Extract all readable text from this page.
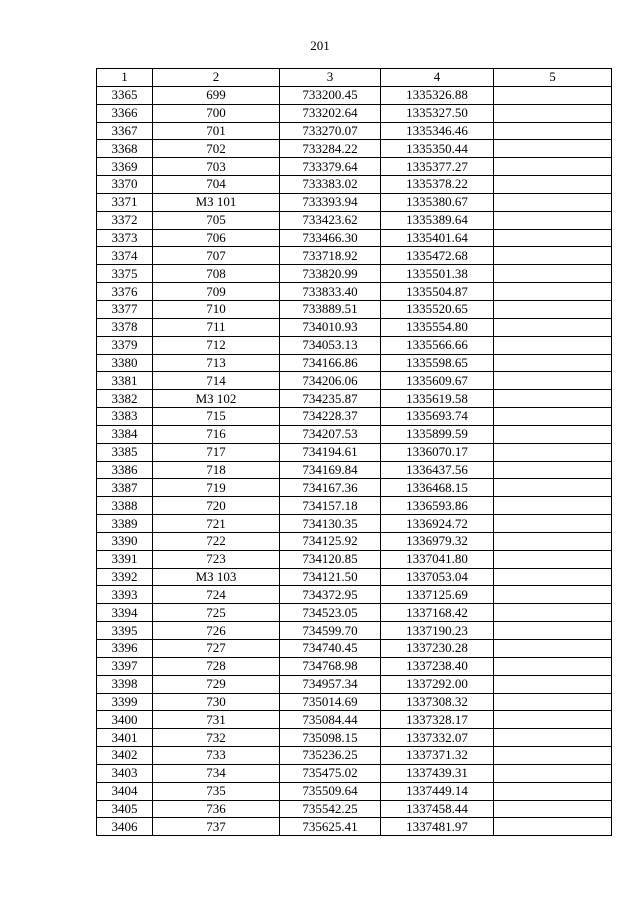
201
1	2	3	4	5
3365	699	733200.45	1335326.88	
3366	700	733202.64	1335327.50	
3367	701	733270.07	1335346.46	
3368	702	733284.22	1335350.44	
3369	703	733379.64	1335377.27	
3370	704	733383.02	1335378.22	
3371	МЗ 101	733393.94	1335380.67	
3372	705	733423.62	1335389.64	
3373	706	733466.30	1335401.64	
3374	707	733718.92	1335472.68	
3375	708	733820.99	1335501.38	
3376	709	733833.40	1335504.87	
3377	710	733889.51	1335520.65	
3378	711	734010.93	1335554.80	
3379	712	734053.13	1335566.66	
3380	713	734166.86	1335598.65	
3381	714	734206.06	1335609.67	
3382	МЗ 102	734235.87	1335619.58	
3383	715	734228.37	1335693.74	
3384	716	734207.53	1335899.59	
3385	717	734194.61	1336070.17	
3386	718	734169.84	1336437.56	
3387	719	734167.36	1336468.15	
3388	720	734157.18	1336593.86	
3389	721	734130.35	1336924.72	
3390	722	734125.92	1336979.32	
3391	723	734120.85	1337041.80	
3392	МЗ 103	734121.50	1337053.04	
3393	724	734372.95	1337125.69	
3394	725	734523.05	1337168.42	
3395	726	734599.70	1337190.23	
3396	727	734740.45	1337230.28	
3397	728	734768.98	1337238.40	
3398	729	734957.34	1337292.00	
3399	730	735014.69	1337308.32	
3400	731	735084.44	1337328.17	
3401	732	735098.15	1337332.07	
3402	733	735236.25	1337371.32	
3403	734	735475.02	1337439.31	
3404	735	735509.64	1337449.14	
3405	736	735542.25	1337458.44	
3406	737	735625.41	1337481.97	
